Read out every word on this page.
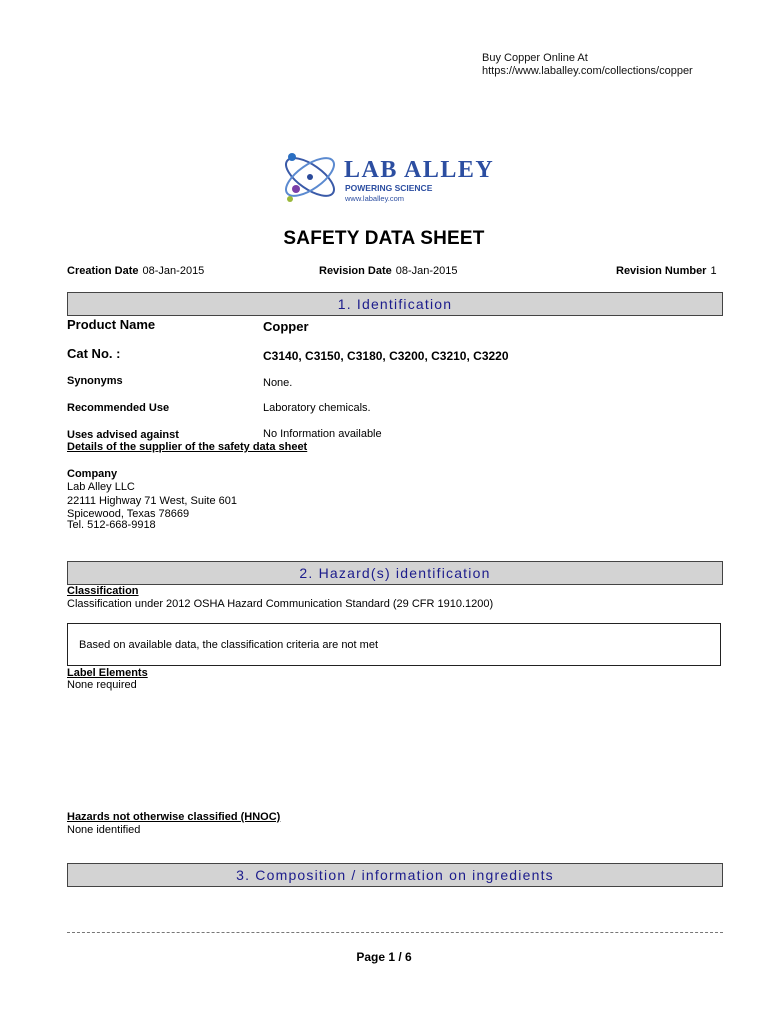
Buy Copper Online At
https://www.laballey.com/collections/copper
LAB ALLEY
POWERING SCIENCE
www.laballey.com
SAFETY DATA SHEET
Creation Date 08-Jan-2015	Revision Date 08-Jan-2015	Revision Number 1
1. Identification
Product Name	Copper
Cat No. :	C3140, C3150, C3180, C3200, C3210, C3220
Synonyms	None.
Recommended Use	Laboratory chemicals.
Uses advised against	No Information available
Details of the supplier of the safety data sheet
Company
Lab Alley LLC
22111 Highway 71 West, Suite 601
Spicewood, Texas 78669
Tel. 512-668-9918
2. Hazard(s) identification
Classification
Classification under 2012 OSHA Hazard Communication Standard (29 CFR 1910.1200)
Based on available data, the classification criteria are not met
Label Elements
None required
Hazards not otherwise classified (HNOC)
None identified
3. Composition / information on ingredients
Page 1 / 6
